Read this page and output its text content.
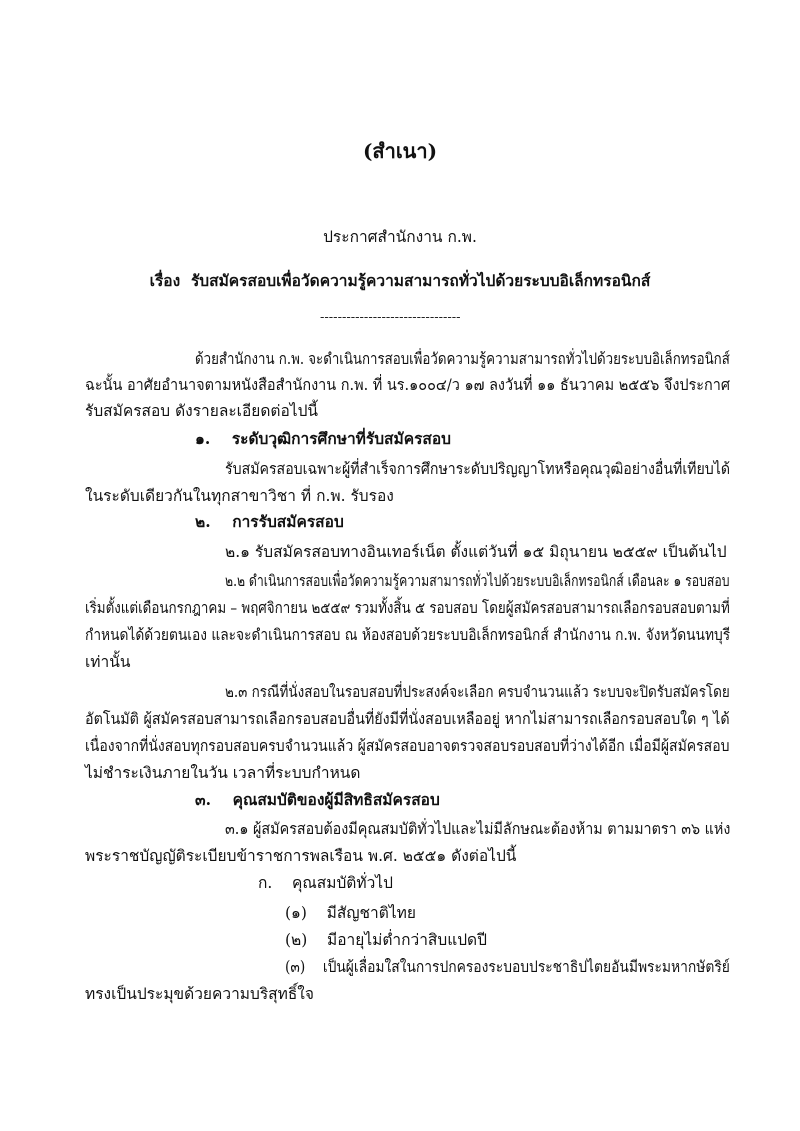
(สำเนา)
ประกาศสำนักงาน ก.พ.
เรื่อง รับสมัครสอบเพื่อวัดความรู้ความสามารถทั่วไปด้วยระบบอิเล็กทรอนิกส์
--------------------------------
ด้วยสำนักงาน ก.พ. จะดำเนินการสอบเพื่อวัดความรู้ความสามารถทั่วไปด้วยระบบอิเล็กทรอนิกส์
ฉะนั้น อาศัยอำนาจตามหนังสือสำนักงาน ก.พ. ที่ นร.๑๐๐๔/ว ๑๗ ลงวันที่ ๑๑ ธันวาคม ๒๕๕๖ จึงประกาศ
รับสมัครสอบ ดังรายละเอียดต่อไปนี้
๑. ระดับวุฒิการศึกษาที่รับสมัครสอบ
รับสมัครสอบเฉพาะผู้ที่สำเร็จการศึกษาระดับปริญญาโทหรือคุณวุฒิอย่างอื่นที่เทียบได้
ในระดับเดียวกันในทุกสาขาวิชา ที่ ก.พ. รับรอง
๒. การรับสมัครสอบ
๒.๑ รับสมัครสอบทางอินเทอร์เน็ต ตั้งแต่วันที่ ๑๕ มิถุนายน ๒๕๕๙ เป็นต้นไป
๒.๒ ดำเนินการสอบเพื่อวัดความรู้ความสามารถทั่วไปด้วยระบบอิเล็กทรอนิกส์ เดือนละ ๑ รอบสอบ
เริ่มตั้งแต่เดือนกรกฎาคม – พฤศจิกายน ๒๕๕๙ รวมทั้งสิ้น ๕ รอบสอบ โดยผู้สมัครสอบสามารถเลือกรอบสอบตามที่
กำหนดได้ด้วยตนเอง และจะดำเนินการสอบ ณ ห้องสอบด้วยระบบอิเล็กทรอนิกส์ สำนักงาน ก.พ. จังหวัดนนทบุรี
เท่านั้น
๒.๓ กรณีที่นั่งสอบในรอบสอบที่ประสงค์จะเลือก ครบจำนวนแล้ว ระบบจะปิดรับสมัครโดย
อัตโนมัติ ผู้สมัครสอบสามารถเลือกรอบสอบอื่นที่ยังมีที่นั่งสอบเหลืออยู่ หากไม่สามารถเลือกรอบสอบใด ๆ ได้
เนื่องจากที่นั่งสอบทุกรอบสอบครบจำนวนแล้ว ผู้สมัครสอบอาจตรวจสอบรอบสอบที่ว่างได้อีก เมื่อมีผู้สมัครสอบ
ไม่ชำระเงินภายในวัน เวลาที่ระบบกำหนด
๓. คุณสมบัติของผู้มีสิทธิสมัครสอบ
๓.๑ ผู้สมัครสอบต้องมีคุณสมบัติทั่วไปและไม่มีลักษณะต้องห้าม ตามมาตรา ๓๖ แห่ง
พระราชบัญญัติระเบียบข้าราชการพลเรือน พ.ศ. ๒๕๕๑ ดังต่อไปนี้
ก. คุณสมบัติทั่วไป
(๑) มีสัญชาติไทย
(๒) มีอายุไม่ต่ำกว่าสิบแปดปี
(๓) เป็นผู้เลื่อมใสในการปกครองระบอบประชาธิปไตยอันมีพระมหากษัตริย์
ทรงเป็นประมุขด้วยความบริสุทธิ์ใจ
